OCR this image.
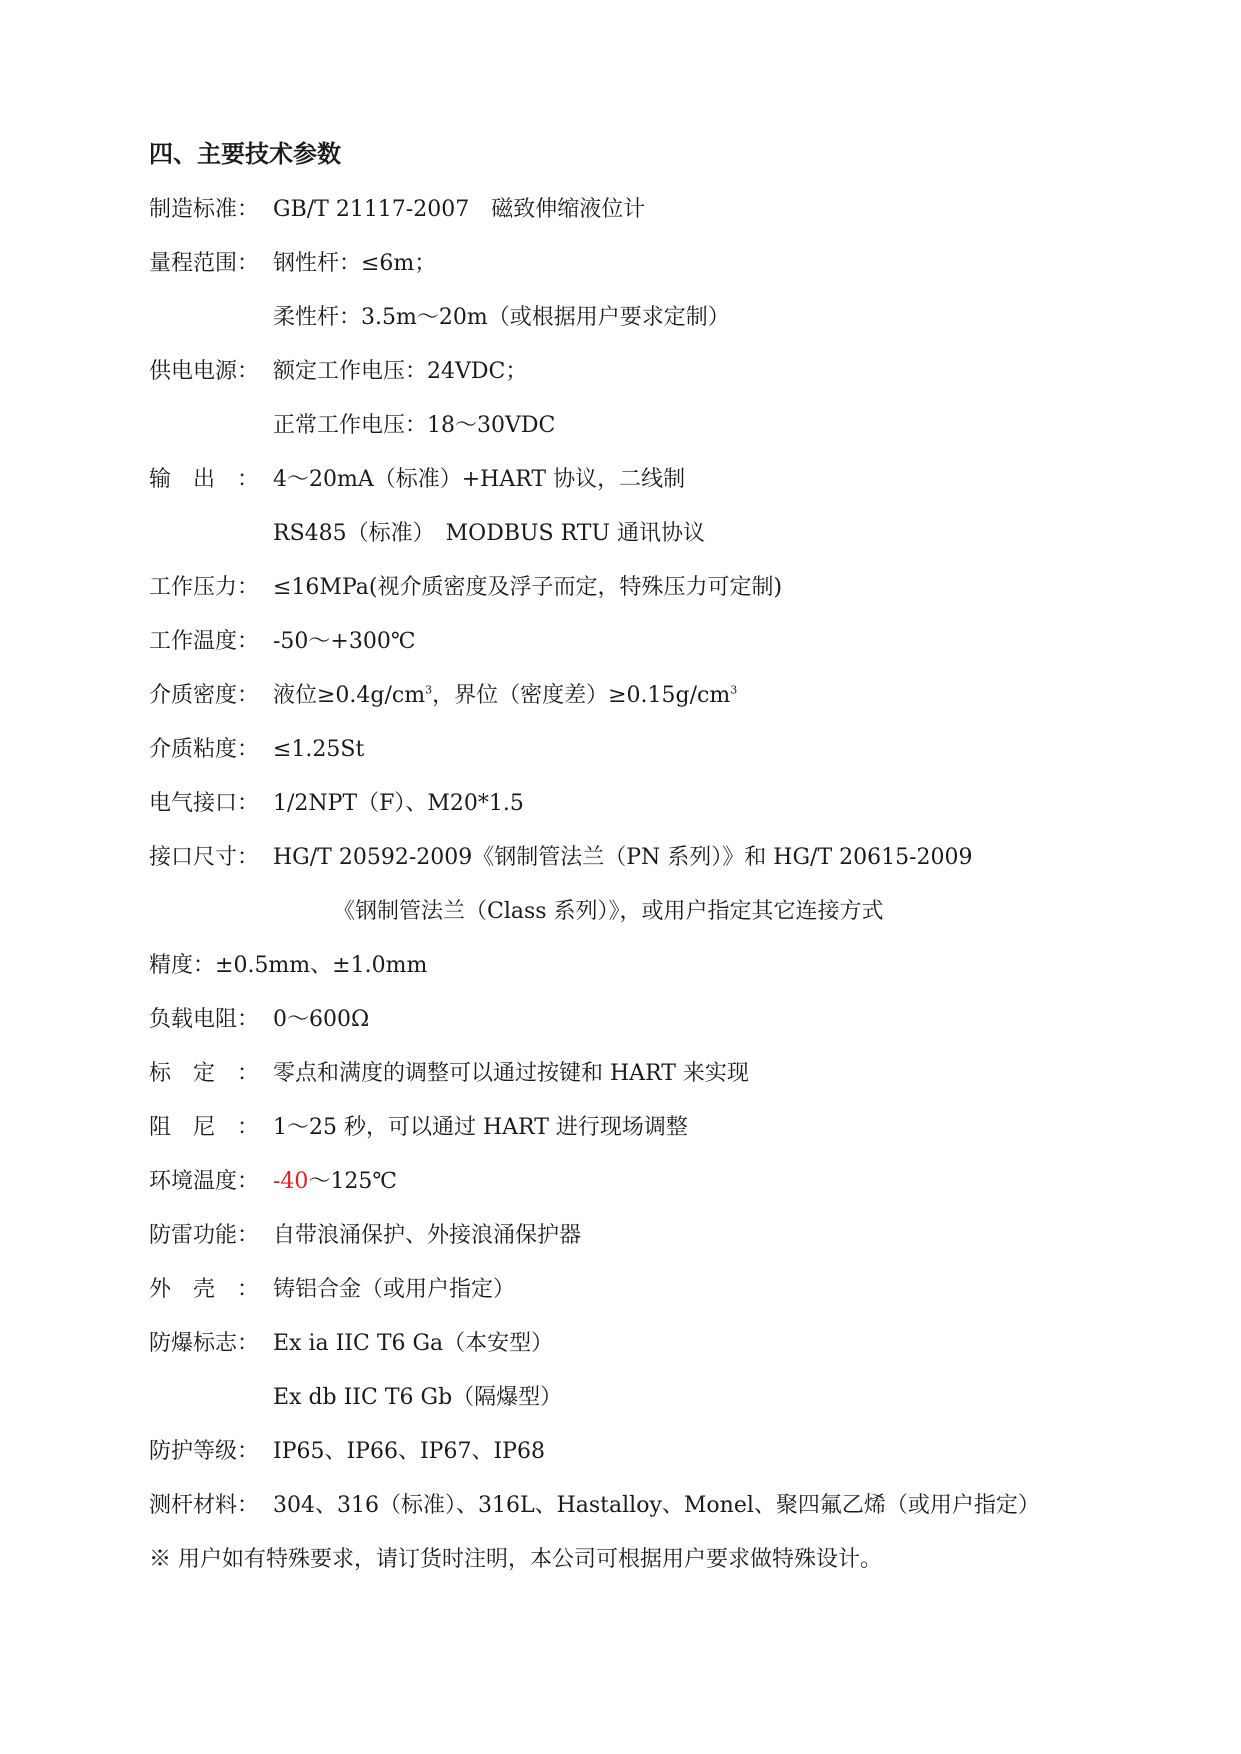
四、主要技术参数
制造标准： GB/T 21117-2007　磁致伸缩液位计
量程范围： 钢性杆：≤6m；
柔性杆：3.5m～20m（或根据用户要求定制）
供电电源： 额定工作电压：24VDC；
正常工作电压：18～30VDC
输出： 4～20mA（标准）+HART 协议，二线制
RS485（标准）　MODBUS RTU 通讯协议
工作压力： ≤16MPa(视介质密度及浮子而定，特殊压力可定制)
工作温度： -50～+300℃
介质密度： 液位$\ge 0.4g/cm^3$，界位（密度差）$\ge 0.15g/cm^3$
介质粘度： ≤1.25St
电气接口： 1/2NPT（F）、M20*1.5
接口尺寸： HG/T 20592-2009《钢制管法兰（PN 系列）》和 HG/T 20615-2009
《钢制管法兰（Class 系列）》，或用户指定其它连接方式
精度：±0.5mm、±1.0mm
负载电阻： 0～600Ω
标定： 零点和满度的调整可以通过按键和 HART 来实现
阻尼： 1～25 秒，可以通过 HART 进行现场调整
环境温度： -40～125℃
防雷功能： 自带浪涌保护、外接浪涌保护器
外壳： 铸铝合金（或用户指定）
防爆标志： Ex ia IIC T6 Ga（本安型）
Ex db IIC T6 Gb（隔爆型）
防护等级： IP65、IP66、IP67、IP68
测杆材料： 304、316（标准）、316L、Hastalloy、Monel、聚四氟乙烯（或用户指定）
※ 用户如有特殊要求，请订货时注明，本公司可根据用户要求做特殊设计。
